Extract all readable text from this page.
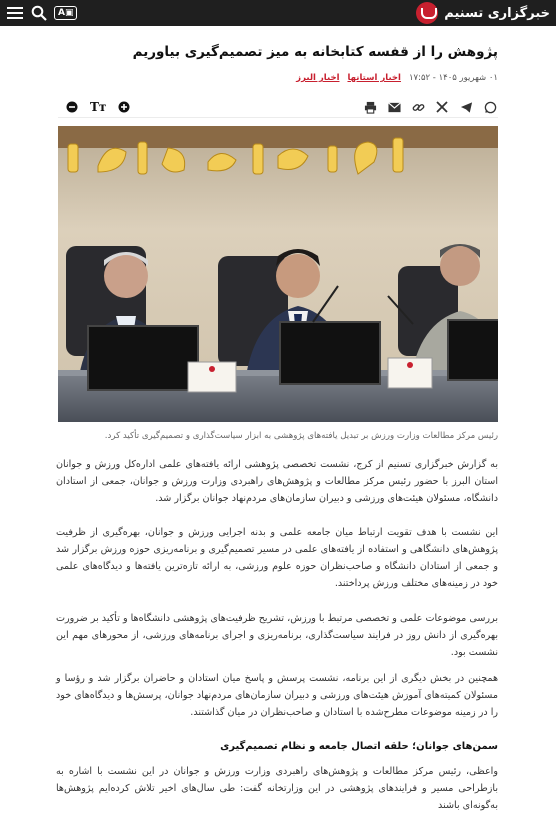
خبرگزاری تسنیم
A ​▣
پژوهش را از قفسه کتابخانه به میز تصمیم‌گیری بیاوریم
۰۱ شهریور ۱۴۰۵ - ۱۷:۵۲
اخبار استانها
اخبار البرز
Tт
رئیس مرکز مطالعات وزارت ورزش بر تبدیل یافته‌های پژوهشی به ابزار سیاست‌گذاری و تصمیم‌گیری تأکید کرد.

به گزارش خبرگزاری تسنیم از کرج، نشست تخصصی پژوهشی ارائه یافته‌های علمی اداره‌کل ورزش و جوانان استان البرز با حضور رئیس مرکز مطالعات و پژوهش‌های راهبردی وزارت ورزش و جوانان، جمعی از استادان دانشگاه، مسئولان هیئت‌های ورزشی و دبیران سازمان‌های مردم‌نهاد جوانان برگزار شد.

این نشست با هدف تقویت ارتباط میان جامعه علمی و بدنه اجرایی ورزش و جوانان، بهره‌گیری از ظرفیت پژوهش‌های دانشگاهی و استفاده از یافته‌های علمی در مسیر تصمیم‌گیری و برنامه‌ریزی حوزه ورزش برگزار شد و جمعی از استادان دانشگاه و صاحب‌نظران حوزه علوم ورزشی، به ارائه تازه‌ترین یافته‌ها و دیدگاه‌های علمی خود در زمینه‌های مختلف ورزش پرداختند.

بررسی موضوعات علمی و تخصصی مرتبط با ورزش، تشریح ظرفیت‌های پژوهشی دانشگاه‌ها و تأکید بر ضرورت بهره‌گیری از دانش روز در فرایند سیاست‌گذاری، برنامه‌ریزی و اجرای برنامه‌های ورزشی، از محورهای مهم این نشست بود.

همچنین در بخش دیگری از این برنامه، نشست پرسش و پاسخ میان استادان و حاضران برگزار شد و رؤسا و مسئولان کمیته‌های آموزش هیئت‌های ورزشی و دبیران سازمان‌های مردم‌نهاد جوانان، پرسش‌ها و دیدگاه‌های خود را در زمینه موضوعات مطرح‌شده با استادان و صاحب‌نظران در میان گذاشتند.

سمن‌های جوانان؛ حلقه اتصال جامعه و نظام تصمیم‌گیری

واعظی، رئیس مرکز مطالعات و پژوهش‌های راهبردی وزارت ورزش و جوانان در این نشست با اشاره به بازطراحی مسیر و فرایندهای پژوهشی در این وزارتخانه گفت: طی سال‌های اخیر تلاش کرده‌ایم پژوهش‌ها به‌گونه‌ای باشند
